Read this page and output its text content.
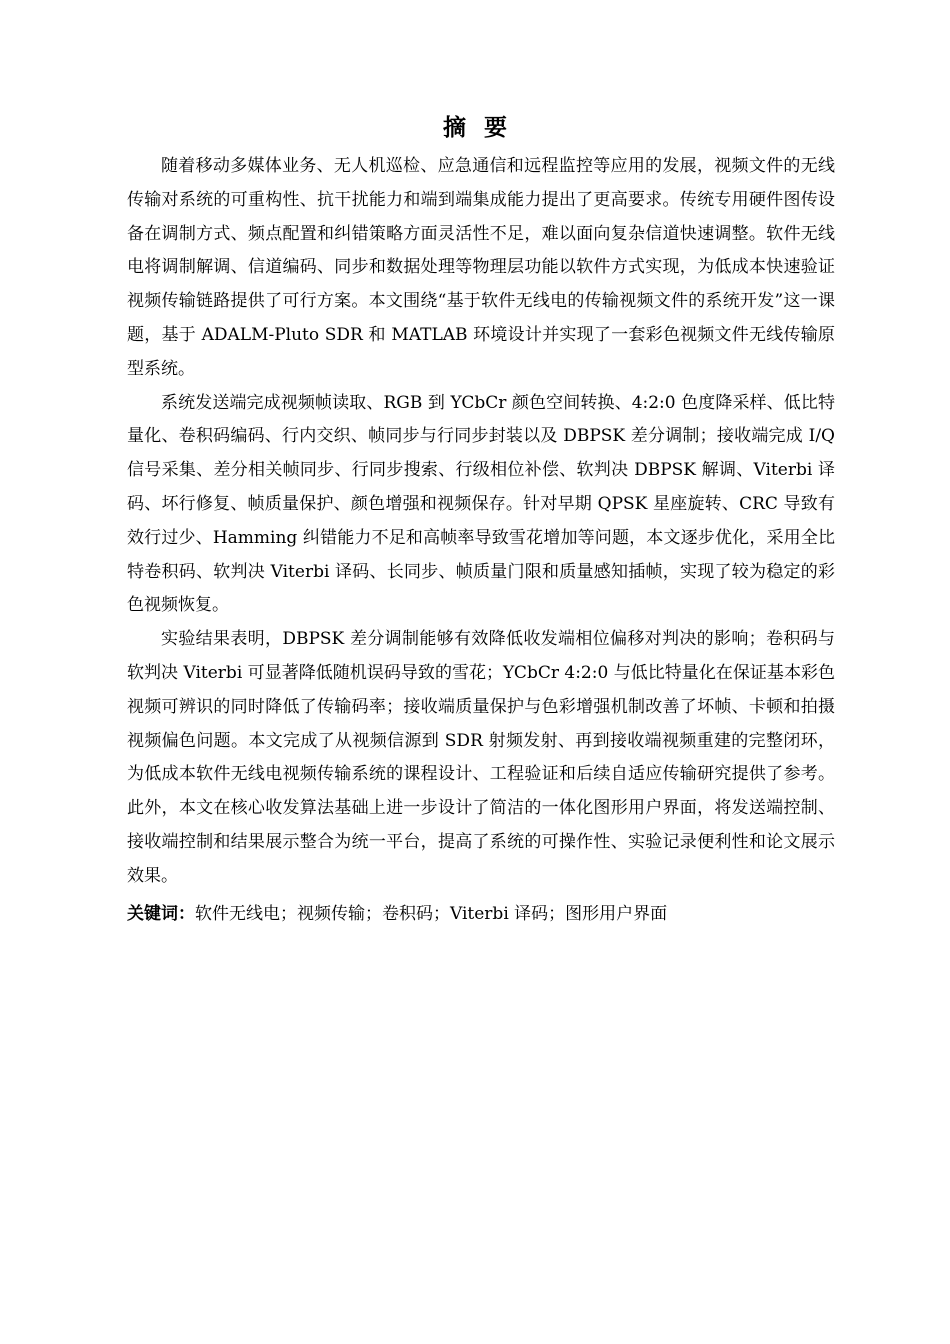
摘要

随着移动多媒体业务、无人机巡检、应急通信和远程监控等应用的发展，视频文件的无线传输对系统的可重构性、抗干扰能力和端到端集成能力提出了更高要求。传统专用硬件图传设备在调制方式、频点配置和纠错策略方面灵活性不足，难以面向复杂信道快速调整。软件无线电将调制解调、信道编码、同步和数据处理等物理层功能以软件方式实现，为低成本快速验证视频传输链路提供了可行方案。本文围绕“基于软件无线电的传输视频文件的系统开发”这一课题，基于 ADALM-Pluto SDR 和 MATLAB 环境设计并实现了一套彩色视频文件无线传输原型系统。

系统发送端完成视频帧读取、RGB 到 YCbCr 颜色空间转换、4:2:0 色度降采样、低比特量化、卷积码编码、行内交织、帧同步与行同步封装以及 DBPSK 差分调制；接收端完成 I/Q 信号采集、差分相关帧同步、行同步搜索、行级相位补偿、软判决 DBPSK 解调、Viterbi 译码、坏行修复、帧质量保护、颜色增强和视频保存。针对早期 QPSK 星座旋转、CRC 导致有效行过少、Hamming 纠错能力不足和高帧率导致雪花增加等问题，本文逐步优化，采用全比特卷积码、软判决 Viterbi 译码、长同步、帧质量门限和质量感知插帧，实现了较为稳定的彩色视频恢复。

实验结果表明，DBPSK 差分调制能够有效降低收发端相位偏移对判决的影响；卷积码与软判决 Viterbi 可显著降低随机误码导致的雪花；YCbCr 4:2:0 与低比特量化在保证基本彩色视频可辨识的同时降低了传输码率；接收端质量保护与色彩增强机制改善了坏帧、卡顿和拍摄视频偏色问题。本文完成了从视频信源到 SDR 射频发射、再到接收端视频重建的完整闭环，为低成本软件无线电视频传输系统的课程设计、工程验证和后续自适应传输研究提供了参考。 此外，本文在核心收发算法基础上进一步设计了简洁的一体化图形用户界面，将发送端控制、接收端控制和结果展示整合为统一平台，提高了系统的可操作性、实验记录便利性和论文展示效果。

关键词：软件无线电；视频传输；卷积码；Viterbi 译码；图形用户界面
